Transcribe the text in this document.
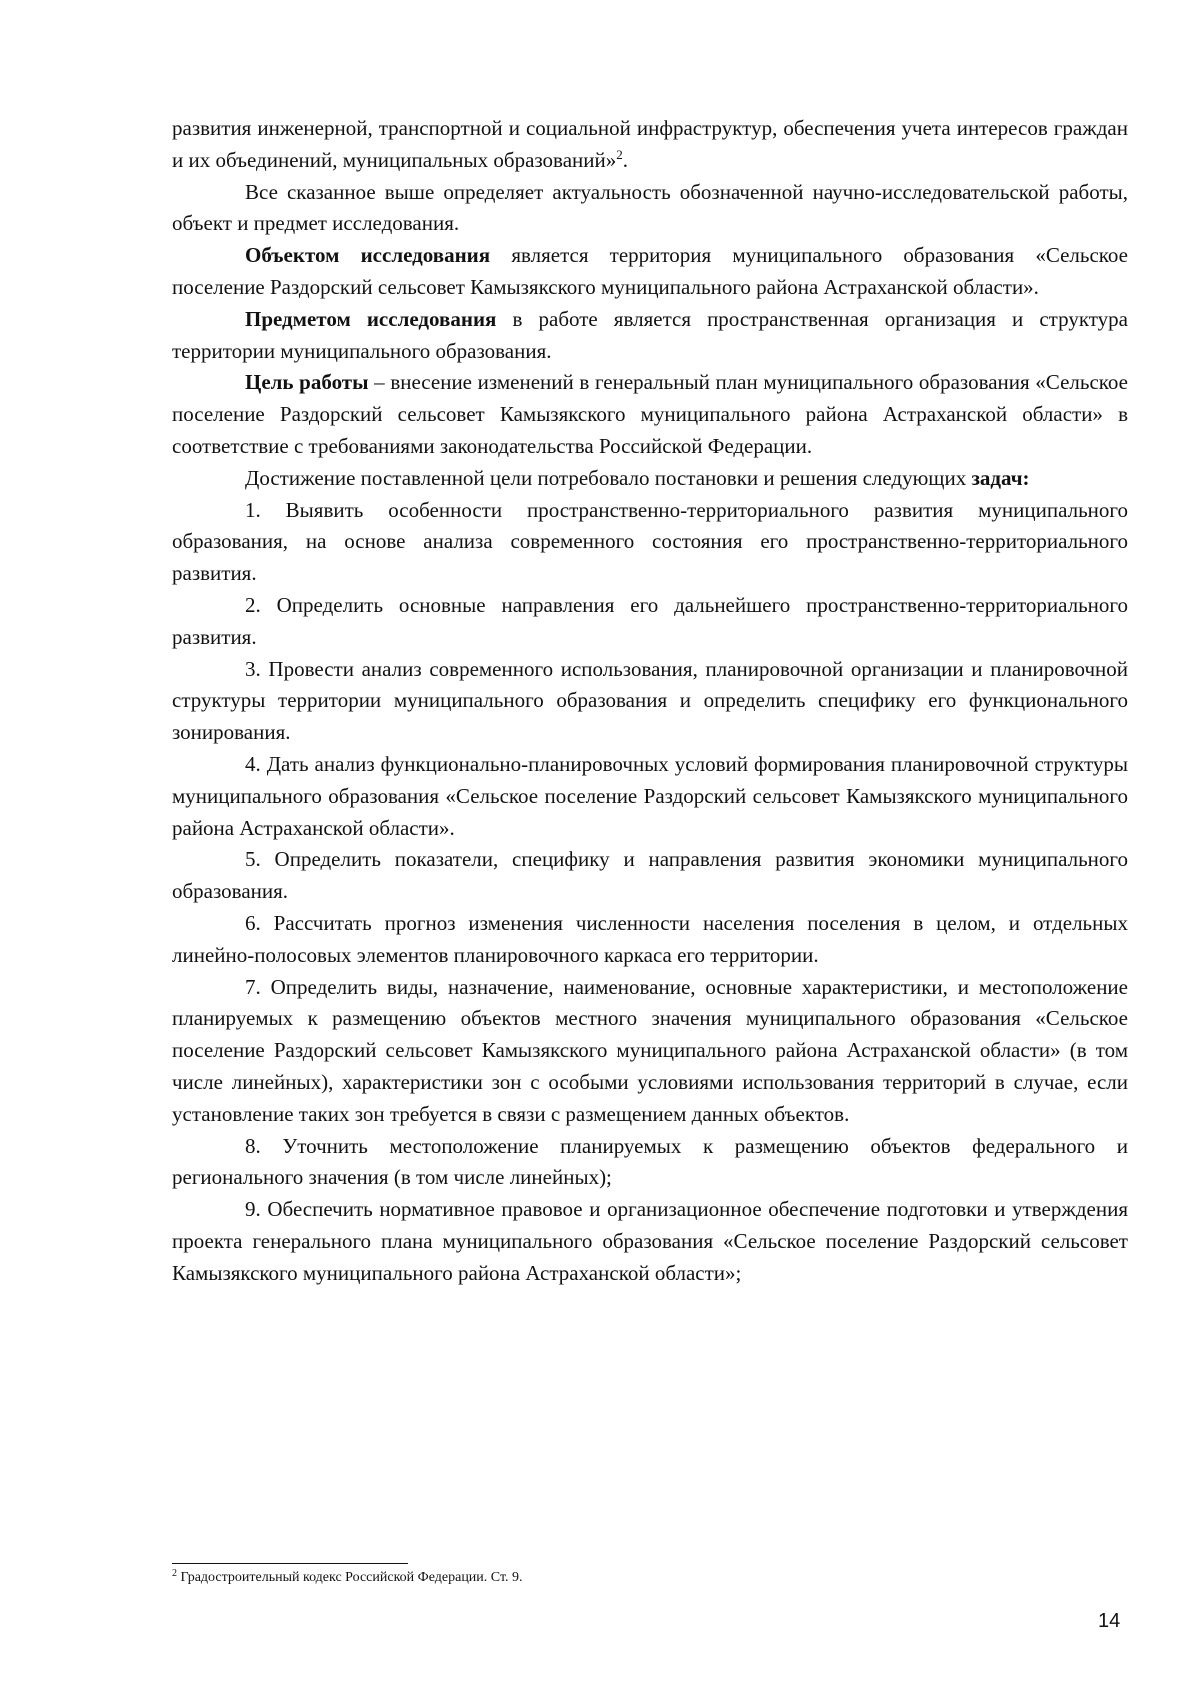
развития инженерной, транспортной и социальной инфраструктур, обеспечения учета интересов граждан и их объединений, муниципальных образований»$^2$.

Все сказанное выше определяет актуальность обозначенной научно-исследовательской работы, объект и предмет исследования.

Объектом исследования является территория муниципального образования «Сельское поселение Раздорский сельсовет Камызякского муниципального района Астраханской области».

Предметом исследования в работе является пространственная организация и структура территории муниципального образования.

Цель работы – внесение изменений в генеральный план муниципального образования «Сельское поселение Раздорский сельсовет Камызякского муниципального района Астраханской области» в соответствие с требованиями законодательства Российской Федерации.

Достижение поставленной цели потребовало постановки и решения следующих задач:

1. Выявить особенности пространственно-территориального развития муниципального образования, на основе анализа современного состояния его пространственно-территориального развития.

2. Определить основные направления его дальнейшего пространственно-территориального развития.

3. Провести анализ современного использования, планировочной организации и планировочной структуры территории муниципального образования и определить специфику его функционального зонирования.

4. Дать анализ функционально-планировочных условий формирования планировочной структуры муниципального образования «Сельское поселение Раздорский сельсовет Камызякского муниципального района Астраханской области».

5. Определить показатели, специфику и направления развития экономики муниципального образования.

6. Рассчитать прогноз изменения численности населения поселения в целом, и отдельных линейно-полосовых элементов планировочного каркаса его территории.

7. Определить виды, назначение, наименование, основные характеристики, и местоположение планируемых к размещению объектов местного значения муниципального образования «Сельское поселение Раздорский сельсовет Камызякского муниципального района Астраханской области» (в том числе линейных), характеристики зон с особыми условиями использования территорий в случае, если установление таких зон требуется в связи с размещением данных объектов.

8. Уточнить местоположение планируемых к размещению объектов федерального и регионального значения (в том числе линейных);

9. Обеспечить нормативное правовое и организационное обеспечение подготовки и утверждения проекта генерального плана муниципального образования «Сельское поселение Раздорский сельсовет Камызякского муниципального района Астраханской области»;

$^2$ Градостроительный кодекс Российской Федерации. Ст. 9.
14
